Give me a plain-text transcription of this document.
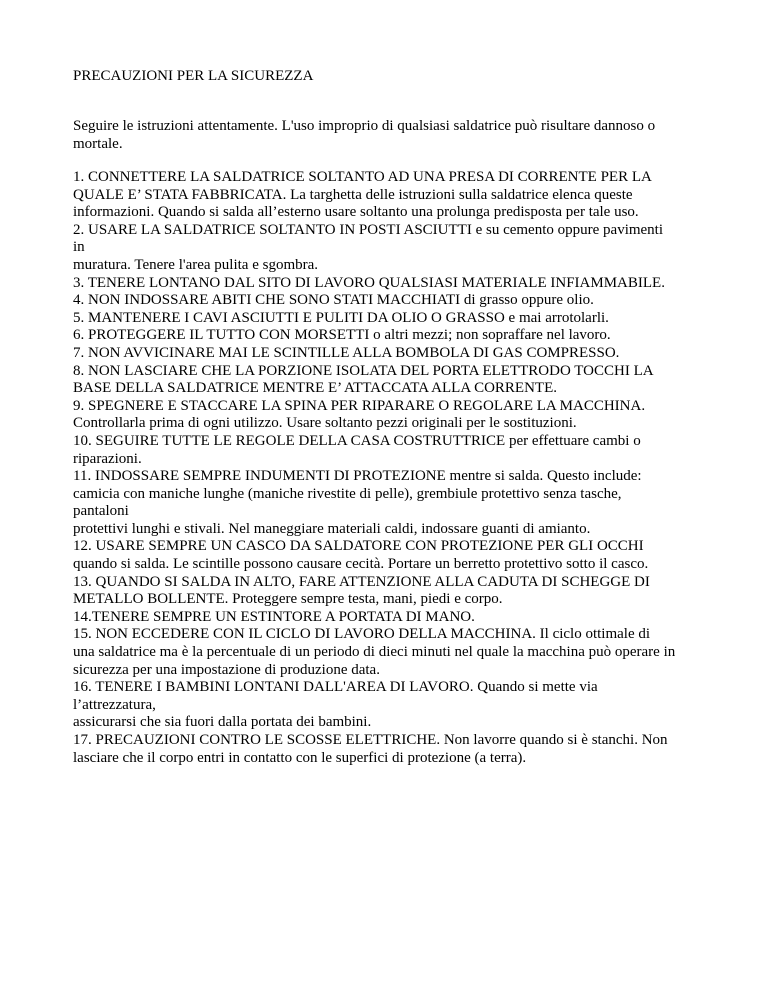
PRECAUZIONI PER LA SICUREZZA
Seguire le istruzioni attentamente. L'uso improprio di qualsiasi saldatrice può risultare dannoso o
mortale.
1. CONNETTERE LA SALDATRICE SOLTANTO AD UNA PRESA DI CORRENTE PER LA
QUALE E’ STATA FABBRICATA. La targhetta delle istruzioni sulla saldatrice elenca queste
informazioni. Quando si salda all’esterno usare soltanto una prolunga predisposta per tale uso.
2. USARE LA SALDATRICE SOLTANTO IN POSTI ASCIUTTI e su cemento oppure pavimenti
in
muratura. Tenere l'area pulita e sgombra.
3. TENERE LONTANO DAL SITO DI LAVORO QUALSIASI MATERIALE INFIAMMABILE.
4. NON INDOSSARE ABITI CHE SONO STATI MACCHIATI di grasso oppure olio.
5. MANTENERE I CAVI ASCIUTTI E PULITI DA OLIO O GRASSO e mai arrotolarli.
6. PROTEGGERE IL TUTTO CON MORSETTI o altri mezzi; non sopraffare nel lavoro.
7. NON AVVICINARE MAI LE SCINTILLE ALLA BOMBOLA DI GAS COMPRESSO.
8. NON LASCIARE CHE LA PORZIONE ISOLATA DEL PORTA ELETTRODO TOCCHI LA
BASE DELLA SALDATRICE MENTRE E’ ATTACCATA ALLA CORRENTE.
9. SPEGNERE E STACCARE LA SPINA PER RIPARARE O REGOLARE LA MACCHINA.
Controllarla prima di ogni utilizzo. Usare soltanto pezzi originali per le sostituzioni.
10. SEGUIRE TUTTE LE REGOLE DELLA CASA COSTRUTTRICE per effettuare cambi o
riparazioni.
11. INDOSSARE SEMPRE INDUMENTI DI PROTEZIONE mentre si salda. Questo include:
camicia con maniche lunghe (maniche rivestite di pelle), grembiule protettivo senza tasche,
pantaloni
protettivi lunghi e stivali. Nel maneggiare materiali caldi, indossare guanti di amianto.
12. USARE SEMPRE UN CASCO DA SALDATORE CON PROTEZIONE PER GLI OCCHI
quando si salda. Le scintille possono causare cecità. Portare un berretto protettivo sotto il casco.
13. QUANDO SI SALDA IN ALTO, FARE ATTENZIONE ALLA CADUTA DI SCHEGGE DI
METALLO BOLLENTE. Proteggere sempre testa, mani, piedi e corpo.
14.TENERE SEMPRE UN ESTINTORE A PORTATA DI MANO.
15. NON ECCEDERE CON IL CICLO DI LAVORO DELLA MACCHINA. Il ciclo ottimale di
una saldatrice ma è la percentuale di un periodo di dieci minuti nel quale la macchina può operare in
sicurezza per una impostazione di produzione data.
16. TENERE I BAMBINI LONTANI DALL'AREA DI LAVORO. Quando si mette via
l’attrezzatura,
assicurarsi che sia fuori dalla portata dei bambini.
17. PRECAUZIONI CONTRO LE SCOSSE ELETTRICHE. Non lavorre quando si è stanchi. Non
lasciare che il corpo entri in contatto con le superfici di protezione (a terra).
